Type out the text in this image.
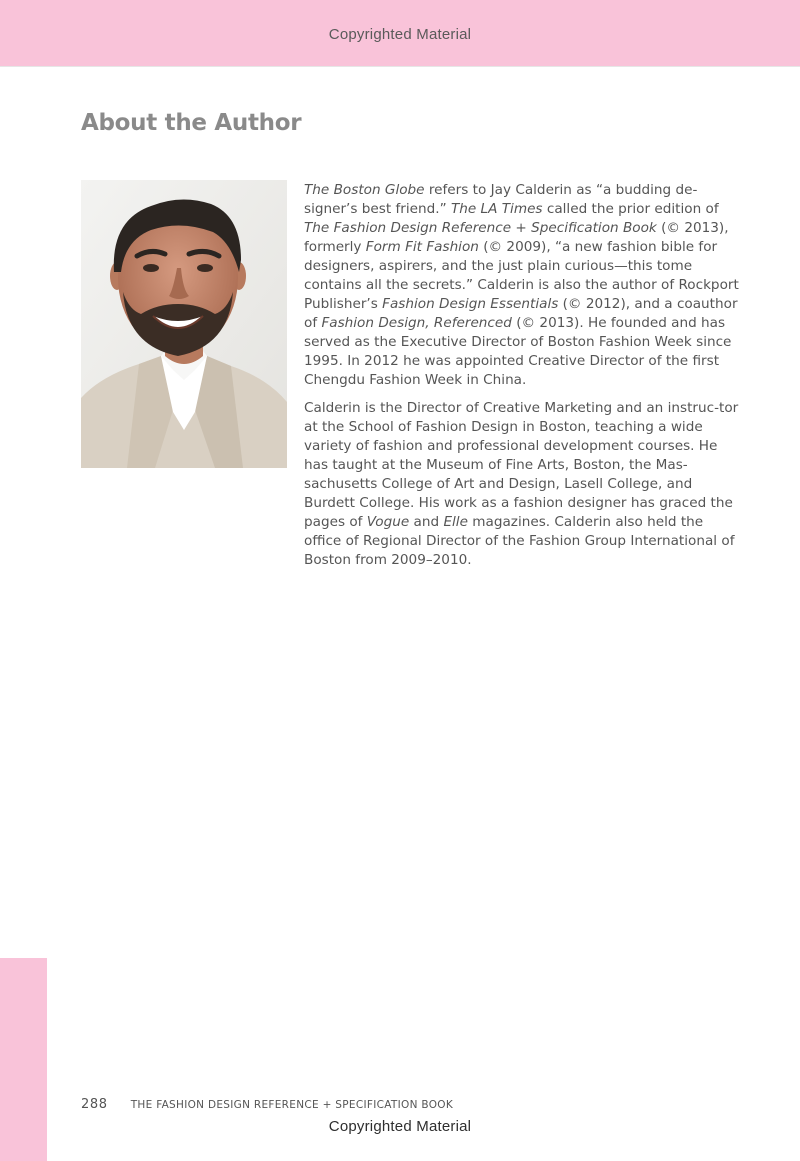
Copyrighted Material
About the Author

The Boston Globe refers to Jay Calderin as “a budding de-signer’s best friend.” The LA Times called the prior edition of The Fashion Design Reference + Specification Book (© 2013), formerly Form Fit Fashion (© 2009), “a new fashion bible for designers, aspirers, and the just plain curious—this tome contains all the secrets.” Calderin is also the author of Rockport Publisher’s Fashion Design Essentials (© 2012), and a coauthor of Fashion Design, Referenced (© 2013). He founded and has served as the Executive Director of Boston Fashion Week since 1995. In 2012 he was appointed Creative Director of the first Chengdu Fashion Week in China.

Calderin is the Director of Creative Marketing and an instruc-tor at the School of Fashion Design in Boston, teaching a wide variety of fashion and professional development courses. He has taught at the Museum of Fine Arts, Boston, the Mas-sachusetts College of Art and Design, Lasell College, and Burdett College. His work as a fashion designer has graced the pages of Vogue and Elle magazines. Calderin also held the office of Regional Director of the Fashion Group International of Boston from 2009–2010.

288 THE FASHION DESIGN REFERENCE + SPECIFICATION BOOK
Copyrighted Material
